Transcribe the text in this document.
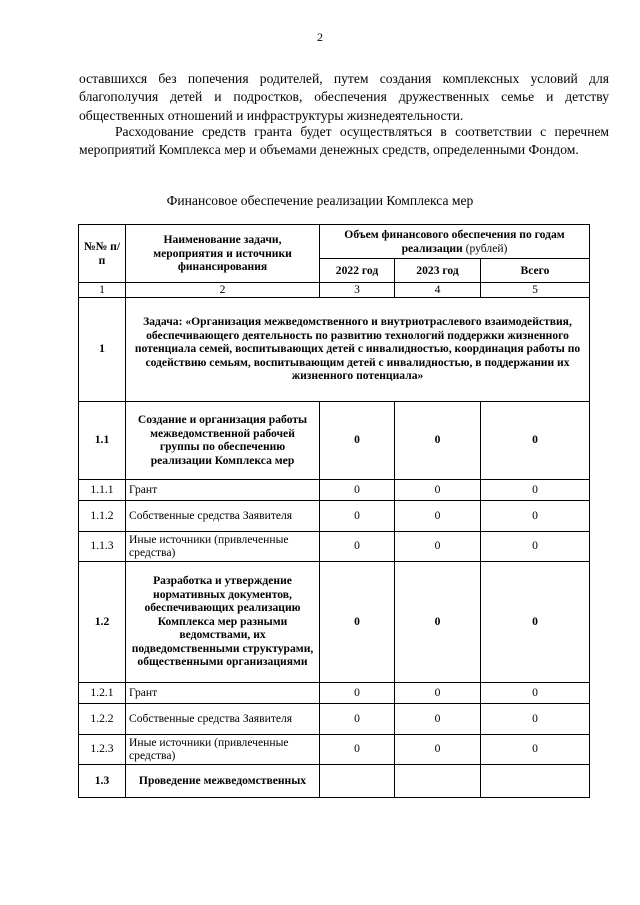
2

оставшихся без попечения родителей, путем создания комплексных условий для благополучия детей и подростков, обеспечения дружественных семье и детству общественных отношений и инфраструктуры жизнедеятельности.

Расходование средств гранта будет осуществляться в соответствии с перечнем мероприятий Комплекса мер и объемами денежных средств, определенными Фондом.

Финансовое обеспечение реализации Комплекса мер
№№ п/п	Наименование задачи, мероприятия и источники финансирования	Объем финансового обеспечения по годам реализации (рублей)		
		2022 год	2023 год	Всего
1	2	3	4	5
1	Задача: «Организация межведомственного и внутриотраслевого взаимодействия, обеспечивающего деятельность по развитию технологий поддержки жизненного потенциала семей, воспитывающих детей с инвалидностью, координация работы по содействию семьям, воспитывающим детей с инвалидностью, в поддержании их жизненного потенциала»			
1.1	Создание и организация работы межведомственной рабочей группы по обеспечению реализации Комплекса мер	0	0	0
1.1.1	Грант	0	0	0
1.1.2	Собственные средства Заявителя	0	0	0
1.1.3	Иные источники (привлеченные средства)	0	0	0
1.2	Разработка и утверждение нормативных документов, обеспечивающих реализацию Комплекса мер разными ведомствами, их подведомственными структурами, общественными организациями	0	0	0
1.2.1	Грант	0	0	0
1.2.2	Собственные средства Заявителя	0	0	0
1.2.3	Иные источники (привлеченные средства)	0	0	0
1.3	Проведение межведомственных			
